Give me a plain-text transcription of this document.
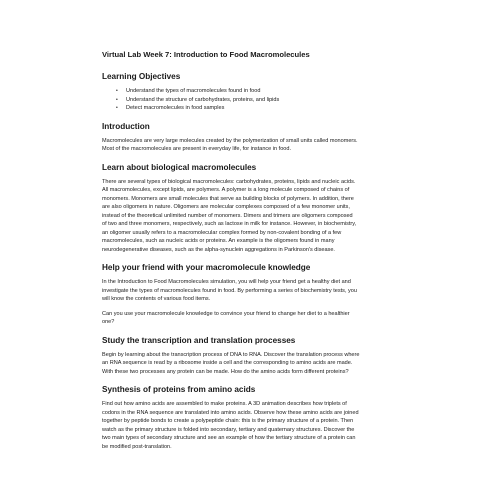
Virtual Lab Week 7: Introduction to Food Macromolecules

Learning Objectives

• Understand the types of macromolecules found in food
• Understand the structure of carbohydrates, proteins, and lipids
• Detect macromolecules in food samples

Introduction

Macromolecules are very large molecules created by the polymerization of small units called monomers.

Most of the macromolecules are present in everyday life, for instance in food.

Learn about biological macromolecules

There are several types of biological macromolecules: carbohydrates, proteins, lipids and nucleic acids.

All macromolecules, except lipids, are polymers. A polymer is a long molecule composed of chains of

monomers. Monomers are small molecules that serve as building blocks of polymers. In addition, there

are also oligomers in nature. Oligomers are molecular complexes composed of a few monomer units,

instead of the theoretical unlimited number of monomers. Dimers and trimers are oligomers composed

of two and three monomers, respectively, such as lactose in milk for instance. However, in biochemistry,

an oligomer usually refers to a macromolecular complex formed by non-covalent bonding of a few

macromolecules, such as nucleic acids or proteins. An example is the oligomers found in many

neurodegenerative diseases, such as the alpha-synuclein aggregations in Parkinson's disease.

Help your friend with your macromolecule knowledge

In the Introduction to Food Macromolecules simulation, you will help your friend get a healthy diet and

investigate the types of macromolecules found in food. By performing a series of biochemistry tests, you

will know the contents of various food items.

Can you use your macromolecule knowledge to convince your friend to change her diet to a healthier

one?

Study the transcription and translation processes

Begin by learning about the transcription process of DNA to RNA. Discover the translation process where

an RNA sequence is read by a ribosome inside a cell and the corresponding to amino acids are made.

With these two processes any protein can be made. How do the amino acids form different proteins?

Synthesis of proteins from amino acids

Find out how amino acids are assembled to make proteins. A 3D animation describes how triplets of

codons in the RNA sequence are translated into amino acids. Observe how these amino acids are joined

together by peptide bonds to create a polypeptide chain: this is the primary structure of a protein. Then

watch as the primary structure is folded into secondary, tertiary and quaternary structures. Discover the

two main types of secondary structure and see an example of how the tertiary structure of a protein can

be modified post-translation.
